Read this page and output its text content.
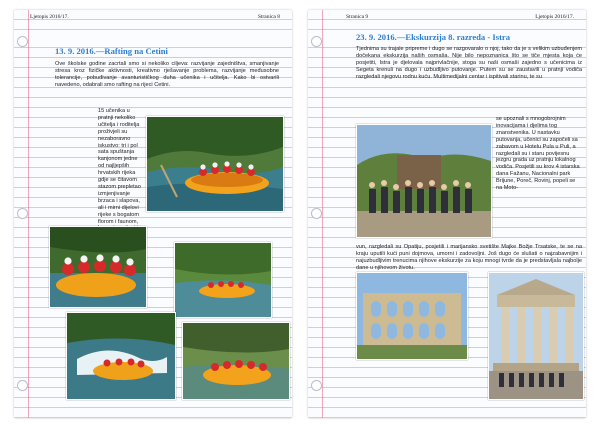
Ljetopis 2016/17.	Stranica 8
13. 9. 2016.—Rafting na Cetini

Ove školske godine zacrtali smo si nekoliko ciljeva: razvijanje zajedništva, smanjivanje stresa kroz fizičke aktivnosti, kreativno rješavanje problema, razvijanje međusobne tolerancije, pobuđivanje avanturističkog duha učenika i učitelja. Kako bi ostvarili navedeno, odabrali smo rafting na rijeci Cetini.

15 učenika u pratnji nekoliko učitelja i roditelja proživjeli su nezaboravno iskustvo: tri i pol sata spuštanja kanjonom jedne od najljepših hrvatskih rijeka gdje se čitavom stazom prepletao izmjenjivanje brzaca i slapova, ali i mirni dijelovi rijeke s bogatom florom i faunom,

Stranica 9	Ljetopis 2016/17.
23. 9. 2016.—Ekskurzija 8. razreda - Istra

Tjednima su trajale pripreme i dugo se razgovaralo o njoj, tako da je s velikim uzbuđenjem dočekana ekskurzija naših osmaša. Nije bilo nepoznanica što se tiče mjesta koja će posjetiti, Istra je djelovala najprivlačnije, stoga su naši osmaši zajedno s učenicima iz Segeta krenuli na dugo i uzbudljivo putovanje. Putem su se zaustavili u pratnji vodiča razgledali njegovu rodnu kuću. Multimedijalni centar i ispitivali starinu, te su

se upoznali s mnogobrojnim inovacijama i djelima tog znanstvenika. U nastavku putovanja, učenici su započeli sa zabavom u Hotelu Pula u Puli, a razgledali su i staru povijesnu jezgru grada uz pratnju lokalnog vodiča. Posjetili su krov 4 istarska dana Fažanu, Nacionalni park Brijune, Poreč, Rovinj, popeli se na Moto-

vun, razgledali su Opatiju, posjetili i marijansko svetište Majke Božje Trsatske, te se na kraju uputili kući puni dojmova, umorni i zadovoljni. Još dugo će slušati o najzabavnijim i najuzbudljivim trenucima njihove ekskurzije za koju mnogi tvrde da je predstavljala najbolje dane u njihovom životu.
